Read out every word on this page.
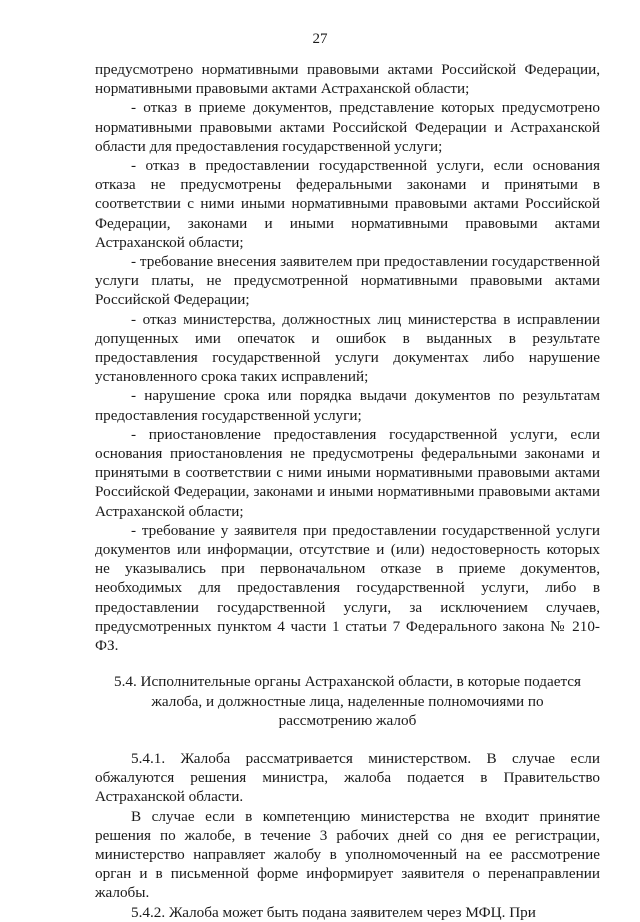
27

предусмотрено нормативными правовыми актами Российской Федерации, нормативными правовыми актами Астраханской области;

- отказ в приеме документов, представление которых предусмотрено нормативными правовыми актами Российской Федерации и Астраханской области для предоставления государственной услуги;

- отказ в предоставлении государственной услуги, если основания отказа не предусмотрены федеральными законами и принятыми в соответствии с ними иными нормативными правовыми актами Российской Федерации, законами и иными нормативными правовыми актами Астраханской области;

- требование внесения заявителем при предоставлении государственной услуги платы, не предусмотренной нормативными правовыми актами Российской Федерации;

- отказ министерства, должностных лиц министерства в исправлении допущенных ими опечаток и ошибок в выданных в результате предоставления государственной услуги документах либо нарушение установленного срока таких исправлений;

- нарушение срока или порядка выдачи документов по результатам предоставления государственной услуги;

- приостановление предоставления государственной услуги, если основания приостановления не предусмотрены федеральными законами и принятыми в соответствии с ними иными нормативными правовыми актами Российской Федерации, законами и иными нормативными правовыми актами Астраханской области;

- требование у заявителя при предоставлении государственной услуги документов или информации, отсутствие и (или) недостоверность которых не указывались при первоначальном отказе в приеме документов, необходимых для предоставления государственной услуги, либо в предоставлении государственной услуги, за исключением случаев, предусмотренных пунктом 4 части 1 статьи 7 Федерального закона № 210-ФЗ.

5.4. Исполнительные органы Астраханской области, в которые подается жалоба, и должностные лица, наделенные полномочиями по рассмотрению жалоб

5.4.1. Жалоба рассматривается министерством. В случае если обжалуются решения министра, жалоба подается в Правительство Астраханской области.

В случае если в компетенцию министерства не входит принятие решения по жалобе, в течение 3 рабочих дней со дня ее регистрации, министерство направляет жалобу в уполномоченный на ее рассмотрение орган и в письменной форме информирует заявителя о перенаправлении жалобы.

5.4.2. Жалоба может быть подана заявителем через МФЦ. При
